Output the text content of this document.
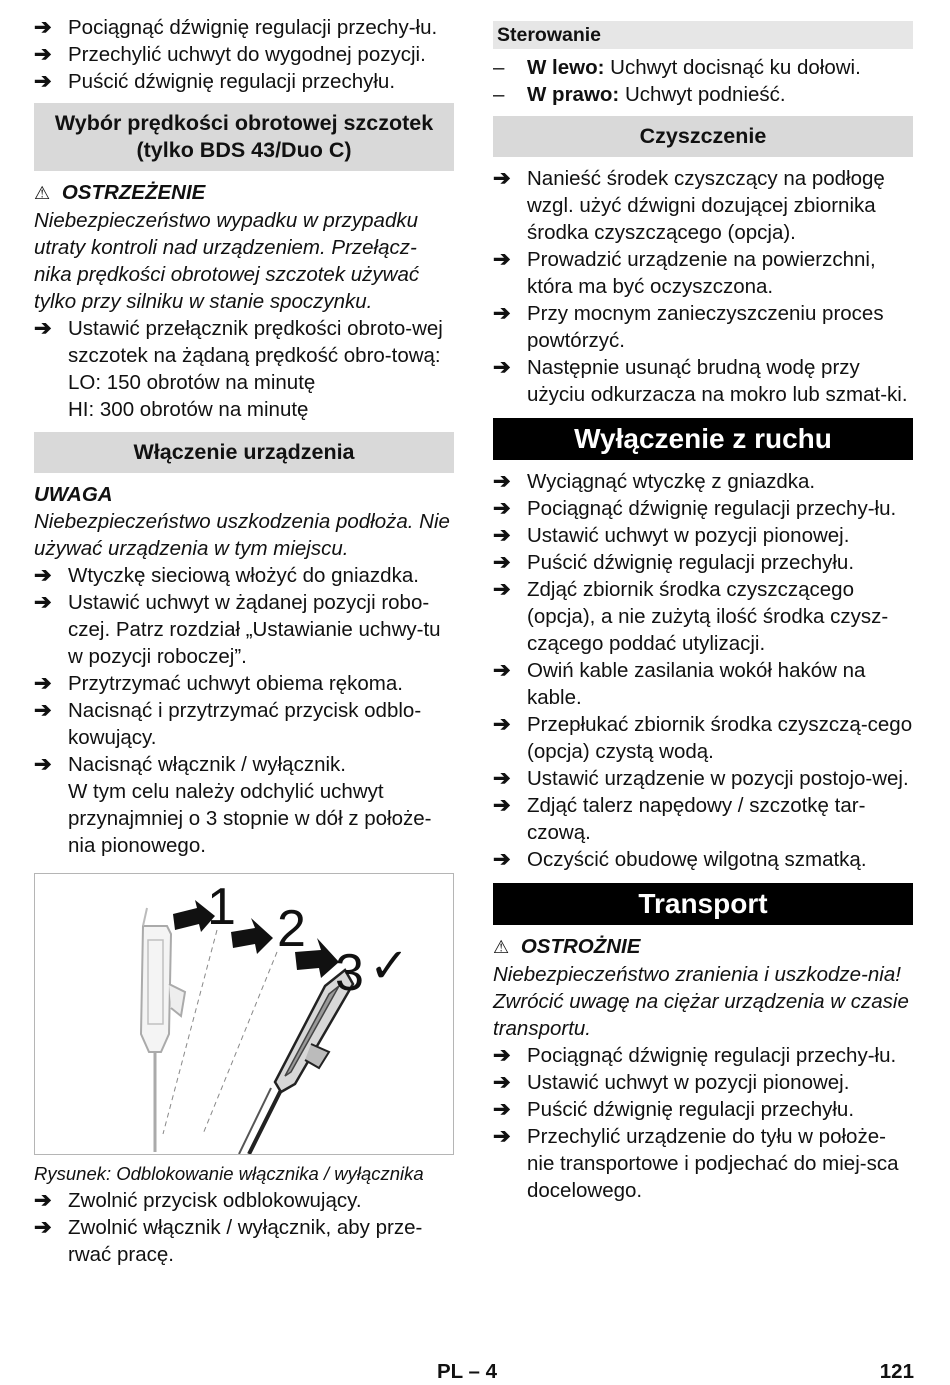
➔ Pociągnąć dźwignię regulacji przechy-łu.
➔ Przechylić uchwyt do wygodnej pozycji.
➔ Puścić dźwignię regulacji przechyłu.
Wybór prędkości obrotowej szczotek (tylko BDS 43/Duo C)
⚠ OSTRZEŻENIE
Niebezpieczeństwo wypadku w przypadku utraty kontroli nad urządzeniem. Przełącz-nika prędkości obrotowej szczotek używać tylko przy silniku w stanie spoczynku.
➔ Ustawić przełącznik prędkości obroto-wej szczotek na żądaną prędkość obro-tową:
LO: 150 obrotów na minutę
HI: 300 obrotów na minutę
Włączenie urządzenia
UWAGA
Niebezpieczeństwo uszkodzenia podłoża. Nie używać urządzenia w tym miejscu.
➔ Wtyczkę sieciową włożyć do gniazdka.
➔ Ustawić uchwyt w żądanej pozycji robo-czej. Patrz rozdział „Ustawianie uchwy-tu w pozycji roboczej”.
➔ Przytrzymać uchwyt obiema rękoma.
➔ Nacisnąć i przytrzymać przycisk odblo-kowujący.
➔ Nacisnąć włącznik / wyłącznik.
W tym celu należy odchylić uchwyt przynajmniej o 3 stopnie w dół z położe-nia pionowego.
1 2
3 ✓
Rysunek: Odblokowanie włącznika / wyłącznika
➔ Zwolnić przycisk odblokowujący.
➔ Zwolnić włącznik / wyłącznik, aby prze-rwać pracę.
Sterowanie
– W lewo: Uchwyt docisnąć ku dołowi.
– W prawo: Uchwyt podnieść.
Czyszczenie
➔ Nanieść środek czyszczący na podłogę wzgl. użyć dźwigni dozującej zbiornika środka czyszczącego (opcja).
➔ Prowadzić urządzenie na powierzchni, która ma być oczyszczona.
➔ Przy mocnym zanieczyszczeniu proces powtórzyć.
➔ Następnie usunąć brudną wodę przy użyciu odkurzacza na mokro lub szmat-ki.
Wyłączenie z ruchu
➔ Wyciągnąć wtyczkę z gniazdka.
➔ Pociągnąć dźwignię regulacji przechy-łu.
➔ Ustawić uchwyt w pozycji pionowej.
➔ Puścić dźwignię regulacji przechyłu.
➔ Zdjąć zbiornik środka czyszczącego (opcja), a nie zużytą ilość środka czysz-czącego poddać utylizacji.
➔ Owiń kable zasilania wokół haków na kable.
➔ Przepłukać zbiornik środka czyszczą-cego (opcja) czystą wodą.
➔ Ustawić urządzenie w pozycji postojo-wej.
➔ Zdjąć talerz napędowy / szczotkę tar-czową.
➔ Oczyścić obudowę wilgotną szmatką.
Transport
⚠ OSTROŻNIE
Niebezpieczeństwo zranienia i uszkodze-nia! Zwrócić uwagę na ciężar urządzenia w czasie transportu.
➔ Pociągnąć dźwignię regulacji przechy-łu.
➔ Ustawić uchwyt w pozycji pionowej.
➔ Puścić dźwignię regulacji przechyłu.
➔ Przechylić urządzenie do tyłu w położe-nie transportowe i podjechać do miej-sca docelowego.
PL – 4	121
